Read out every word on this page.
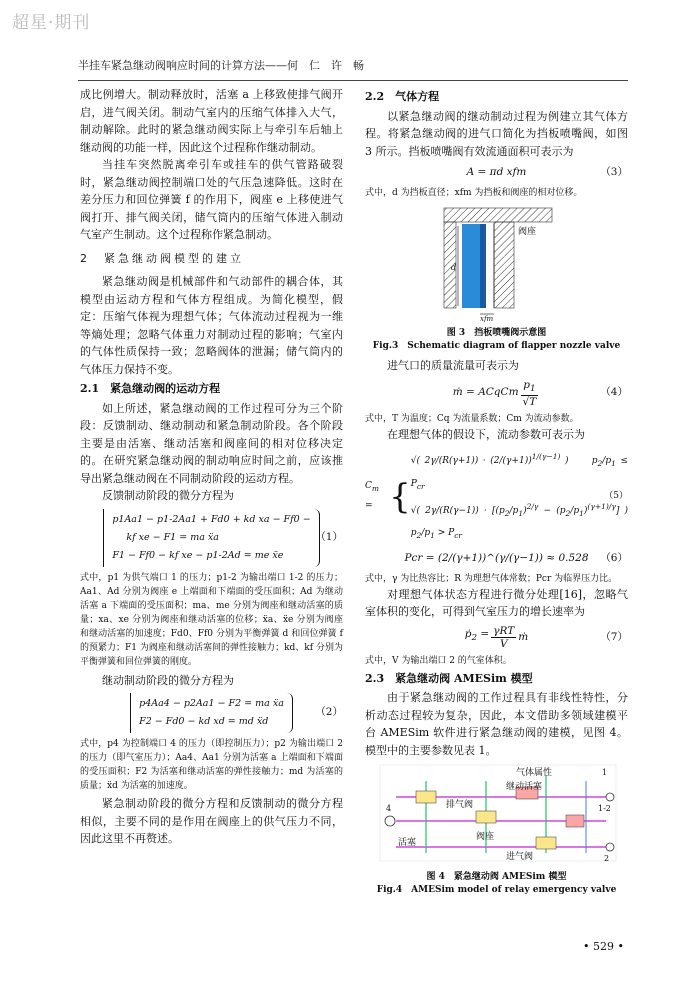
超星·期刊
半挂车紧急继动阀响应时间的计算方法——何　仁　许　畅

成比例增大。制动释放时，活塞 a 上移致使排气阀开启，进气阀关闭。制动气室内的压缩气体排入大气，制动解除。此时的紧急继动阀实际上与牵引车后轴上继动阀的功能一样，因此这个过程称作继动制动。

当挂车突然脱离牵引车或挂车的供气管路破裂时，紧急继动阀控制端口处的气压急速降低。这时在差分压力和回位弹簧 f 的作用下，阀座 e 上移使进气阀打开、排气阀关闭，储气筒内的压缩气体进入制动气室产生制动。这个过程称作紧急制动。

2　紧急继动阀模型的建立

紧急继动阀是机械部件和气动部件的耦合体，其模型由运动方程和气体方程组成。为简化模型，假定：压缩气体视为理想气体；气体流动过程视为一维等熵处理；忽略气体重力对制动过程的影响；气室内的气体性质保持一致；忽略阀体的泄漏；储气筒内的气体压力保持不变。

2.1　紧急继动阀的运动方程

如上所述，紧急继动阀的工作过程可分为三个阶段：反馈制动、继动制动和紧急制动阶段。各个阶段主要是由活塞、继动活塞和阀座间的相对位移决定的。在研究紧急继动阀的制动响应时间之前，应该推导出紧急继动阀在不同制动阶段的运动方程。

反馈制动阶段的微分方程为

p1Aa1 − p1-2Aa1 + Fd0 + kd xa − Ff0 −
kf xe − F1 = ma ẍa
F1 − Ff0 − kf xe − p1-2Ad = me ẍe
（1）

式中，p1 为供气端口 1 的压力；p1-2 为输出端口 1-2 的压力；Aa1、Ad 分别为阀座 e 上端面和下端面的受压面积；Ad 为继动活塞 a 下端面的受压面积；ma、me 分别为阀座和继动活塞的质量；xa、xe 分别为阀座和继动活塞的位移；ẍa、ẍe 分别为阀座和继动活塞的加速度；Fd0、Ff0 分别为平衡弹簧 d 和回位弹簧 f 的预紧力；F1 为阀座和继动活塞间的弹性接触力；kd、kf 分别为平衡弹簧和回位弹簧的刚度。

继动制动阶段的微分方程为

p4Aa4 − p2Aa1 − F2 = ma ẍa
F2 − Fd0 − kd xd = md ẍd
（2）

式中，p4 为控制端口 4 的压力（即控制压力）；p2 为输出端口 2 的压力（即气室压力）；Aa4、Aa1 分别为活塞 a 上端面和下端面的受压面积；F2 为活塞和继动活塞的弹性接触力；md 为活塞的质量；ẍd 为活塞的加速度。

紧急制动阶段的微分方程和反馈制动的微分方程相似，主要不同的是作用在阀座上的供气压力不同，因此这里不再赘述。

2.2　气体方程

以紧急继动阀的继动制动过程为例建立其气体方程。将紧急继动阀的进气口简化为挡板喷嘴阀，如图 3 所示。挡板喷嘴阀有效流通面积可表示为

A = πd xfm	（3）

式中，d 为挡板直径；xfm 为挡板和阀座的相对位移。

阀座
d
xfm
图 3　挡板喷嘴阀示意图
Fig.3　Schematic diagram of flapper nozzle valve

进气口的质量流量可表示为

ṁ = ACqCm $\frac{p_1}{√T}$	（4）

式中，T 为温度；Cq 为流量系数；Cm 为流动参数。

在理想气体的假设下，流动参数可表示为

$C_m$ = {
√( $2\gamma/(R(\gamma+1)) \cdot (2/(\gamma+1))^{1/(\gamma-1)}$ )　　$p_2/p_1 \le P_{cr}$
√( $2\gamma/(R(\gamma-1)) \cdot [(p_2/p_1)^{2/\gamma} - (p_2/p_1)^{(\gamma+1)/\gamma}]$ )　$p_2/p_1 > P_{cr}$
（5）
Pcr = (2/(γ+1))^(γ/(γ−1)) ≈ 0.528 （6）

式中，γ 为比热容比；R 为理想气体常数；Pcr 为临界压力比。

对理想气体状态方程进行微分处理[16]，忽略气室体积的变化，可得到气室压力的增长速率为

ṗ$_2$ = $\frac{\text{γRT}}{V}$ ṁ	（7）

式中，V 为输出端口 2 的气室体积。

2.3　紧急继动阀 AMESim 模型

由于紧急继动阀的工作过程具有非线性特性，分析动态过程较为复杂，因此，本文借助多领域建模平台 AMESim 软件进行紧急继动阀的建模，见图 4。模型中的主要参数见表 1。

气体属性
继动活塞
排气阀
活塞
阀座
进气阀
1
1-2
2
4
图 4　紧急继动阀 AMESim 模型
Fig.4　AMESim model of relay emergency valve
• 529 •
